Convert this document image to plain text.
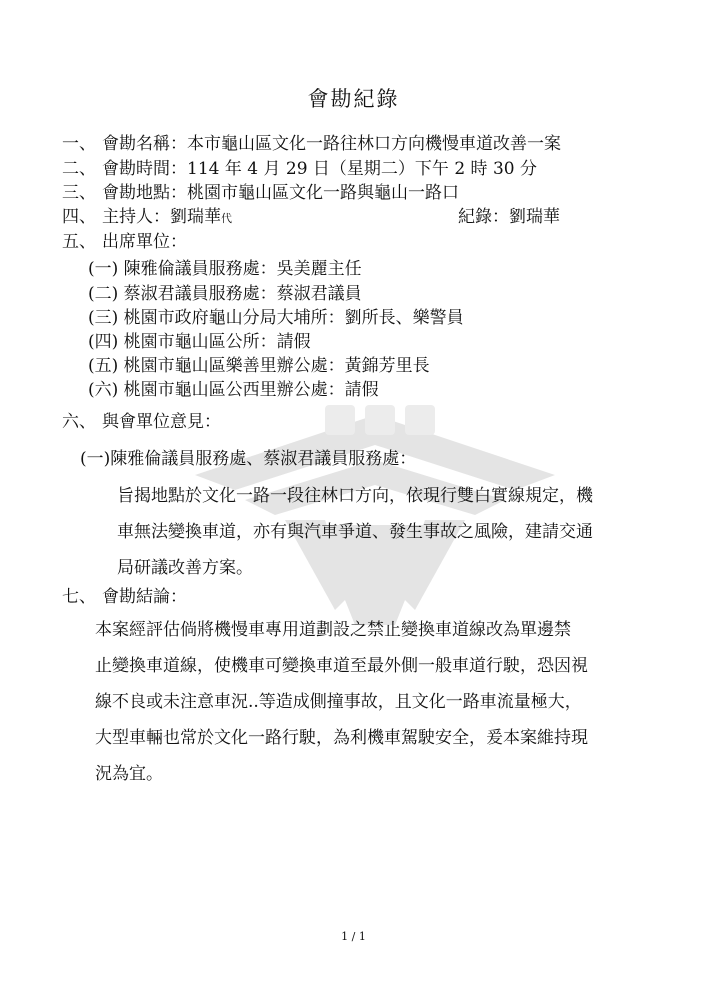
會勘紀錄
一、 會勘名稱：本市龜山區文化一路往林口方向機慢車道改善一案
二、 會勘時間：114 年 4 月 29 日（星期二）下午 2 時 30 分
三、 會勘地點：桃園市龜山區文化一路與龜山一路口
四、 主持人：劉瑞華代	紀錄：劉瑞華
五、 出席單位：
(一) 陳雅倫議員服務處：吳美麗主任
(二) 蔡淑君議員服務處：蔡淑君議員
(三) 桃園市政府龜山分局大埔所：劉所長、樂警員
(四) 桃園市龜山區公所：請假
(五) 桃園市龜山區樂善里辦公處：黃錦芳里長
(六) 桃園市龜山區公西里辦公處：請假
六、 與會單位意見：
(一)陳雅倫議員服務處、蔡淑君議員服務處：
旨揭地點於文化一路一段往林口方向，依現行雙白實線規定，機
車無法變換車道，亦有與汽車爭道、發生事故之風險，建請交通
局研議改善方案。
七、 會勘結論：
本案經評估倘將機慢車專用道劃設之禁止變換車道線改為單邊禁
止變換車道線，使機車可變換車道至最外側一般車道行駛，恐因視
線不良或未注意車況..等造成側撞事故，且文化一路車流量極大，
大型車輛也常於文化一路行駛，為利機車駕駛安全，爰本案維持現
況為宜。
1 / 1
